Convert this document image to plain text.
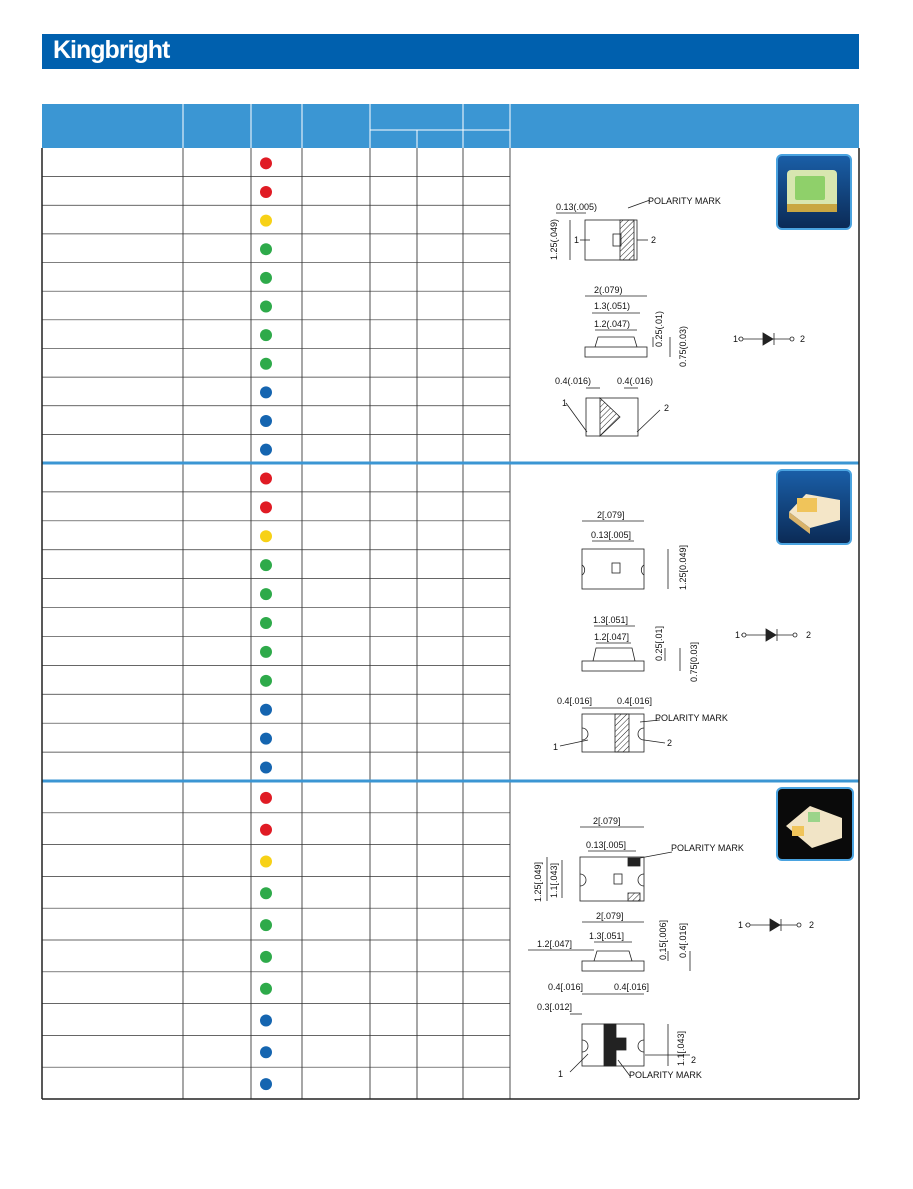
Kingbright
0.13(.005)
POLARITY MARK
1.25(.049) 1	2
2(.079)
1.3(.051)
1.2(.047)	0.25(.01) 0.75(0.03)
0.4(.016)	0.4(.016)
1	2
1	2
2[.079]
0.13[.005]
1.25[0.049]
1.3[.051]
1.2[.047]	0.25[.01]	0.75[0.03]
0.4[.016]	0.4[.016]
POLARITY MARK
1	2
1	2
2[.079]
0.13[.005]	POLARITY MARK
1.25[.049] 1.1[.043]
2[.079]
1.3[.051]
1.2[.047]	0.15[.006] 0.4[.016]
0.4[.016]	0.4[.016]
0.3[.012]
1.1[.043] 2
1	POLARITY MARK
1	2
